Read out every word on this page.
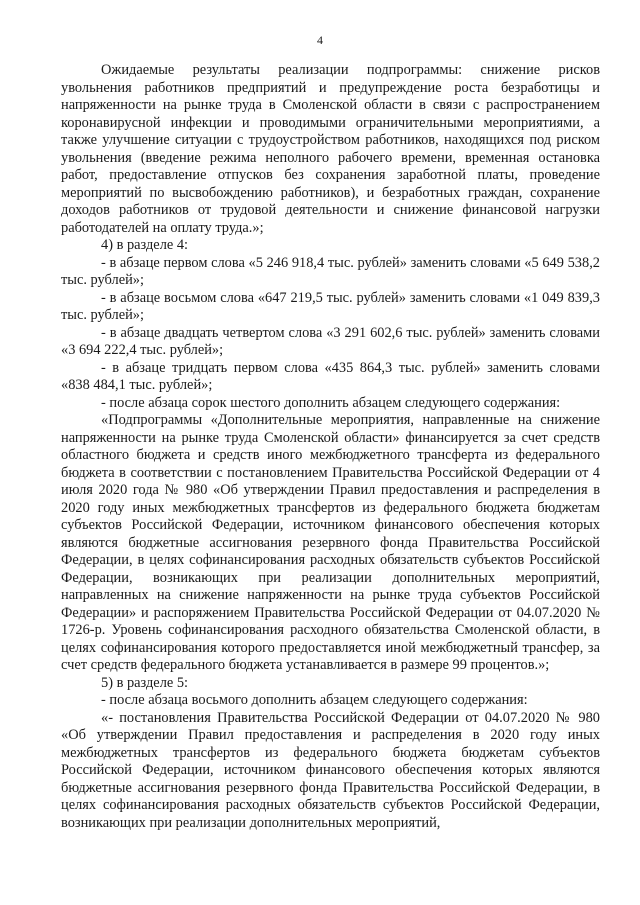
4

Ожидаемые результаты реализации подпрограммы: снижение рисков увольнения работников предприятий и предупреждение роста безработицы и напряженности на рынке труда в Смоленской области в связи с распространением коронавирусной инфекции и проводимыми ограничительными мероприятиями, а также улучшение ситуации с трудоустройством работников, находящихся под риском увольнения (введение режима неполного рабочего времени, временная остановка работ, предоставление отпусков без сохранения заработной платы, проведение мероприятий по высвобождению работников), и безработных граждан, сохранение доходов работников от трудовой деятельности и снижение финансовой нагрузки работодателей на оплату труда.»;

4) в разделе 4:

- в абзаце первом слова «5 246 918,4 тыс. рублей» заменить словами «5 649 538,2 тыс. рублей»;

- в абзаце восьмом слова «647 219,5 тыс. рублей» заменить словами «1 049 839,3 тыс. рублей»;

- в абзаце двадцать четвертом слова «3 291 602,6 тыс. рублей» заменить словами «3 694 222,4 тыс. рублей»;

- в абзаце тридцать первом слова «435 864,3 тыс. рублей» заменить словами «838 484,1 тыс. рублей»;

- после абзаца сорок шестого дополнить абзацем следующего содержания:

«Подпрограммы «Дополнительные мероприятия, направленные на снижение напряженности на рынке труда Смоленской области» финансируется за счет средств областного бюджета и средств иного межбюджетного трансферта из федерального бюджета в соответствии с постановлением Правительства Российской Федерации от 4 июля 2020 года № 980 «Об утверждении Правил предоставления и распределения в 2020 году иных межбюджетных трансфертов из федерального бюджета бюджетам субъектов Российской Федерации, источником финансового обеспечения которых являются бюджетные ассигнования резервного фонда Правительства Российской Федерации, в целях софинансирования расходных обязательств субъектов Российской Федерации, возникающих при реализации дополнительных мероприятий, направленных на снижение напряженности на рынке труда субъектов Российской Федерации» и распоряжением Правительства Российской Федерации от 04.07.2020 № 1726-р. Уровень софинансирования расходного обязательства Смоленской области, в целях софинансирования которого предоставляется иной межбюджетный трансфер, за счет средств федерального бюджета устанавливается в размере 99 процентов.»;

5) в разделе 5:

- после абзаца восьмого дополнить абзацем следующего содержания:

«- постановления Правительства Российской Федерации от 04.07.2020 № 980 «Об утверждении Правил предоставления и распределения в 2020 году иных межбюджетных трансфертов из федерального бюджета бюджетам субъектов Российской Федерации, источником финансового обеспечения которых являются бюджетные ассигнования резервного фонда Правительства Российской Федерации, в целях софинансирования расходных обязательств субъектов Российской Федерации, возникающих при реализации дополнительных мероприятий,
